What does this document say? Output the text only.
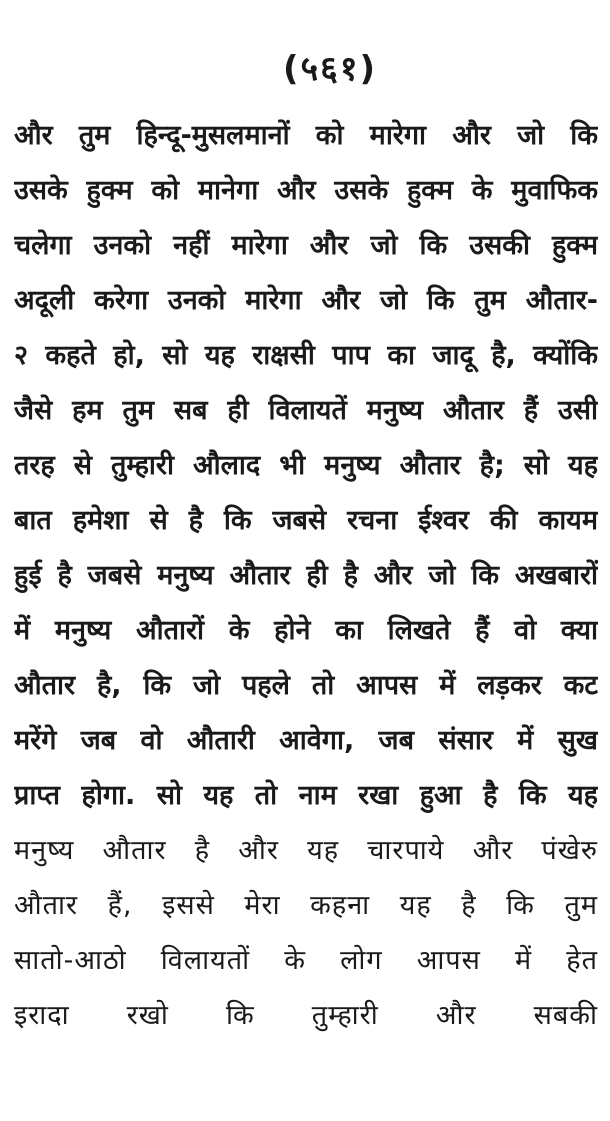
(५६१)
और तुम हिन्दू-मुसलमानों को मारेगा और जो कि
उसके हुक्म को मानेगा और उसके हुक्म के मुवाफिक
चलेगा उनको नहीं मारेगा और जो कि उसकी हुक्म
अदूली करेगा उनको मारेगा और जो कि तुम औतार-
२ कहते हो, सो यह राक्षसी पाप का जादू है, क्योंकि
जैसे हम तुम सब ही विलायतें मनुष्य औतार हैं उसी
तरह से तुम्हारी औलाद भी मनुष्य औतार है; सो यह
बात हमेशा से है कि जबसे रचना ईश्वर की कायम
हुई है जबसे मनुष्य औतार ही है और जो कि अखबारों
में मनुष्य औतारों के होने का लिखते हैं वो क्या
औतार है, कि जो पहले तो आपस में लड़कर कट
मरेंगे जब वो औतारी आवेगा, जब संसार में सुख
प्राप्त होगा. सो यह तो नाम रखा हुआ है कि यह
मनुष्य औतार है और यह चारपाये और पंखेरु
औतार हैं, इससे मेरा कहना यह है कि तुम
सातो-आठो विलायतों के लोग आपस में हेत
इरादा रखो कि तुम्हारी और सबकी
